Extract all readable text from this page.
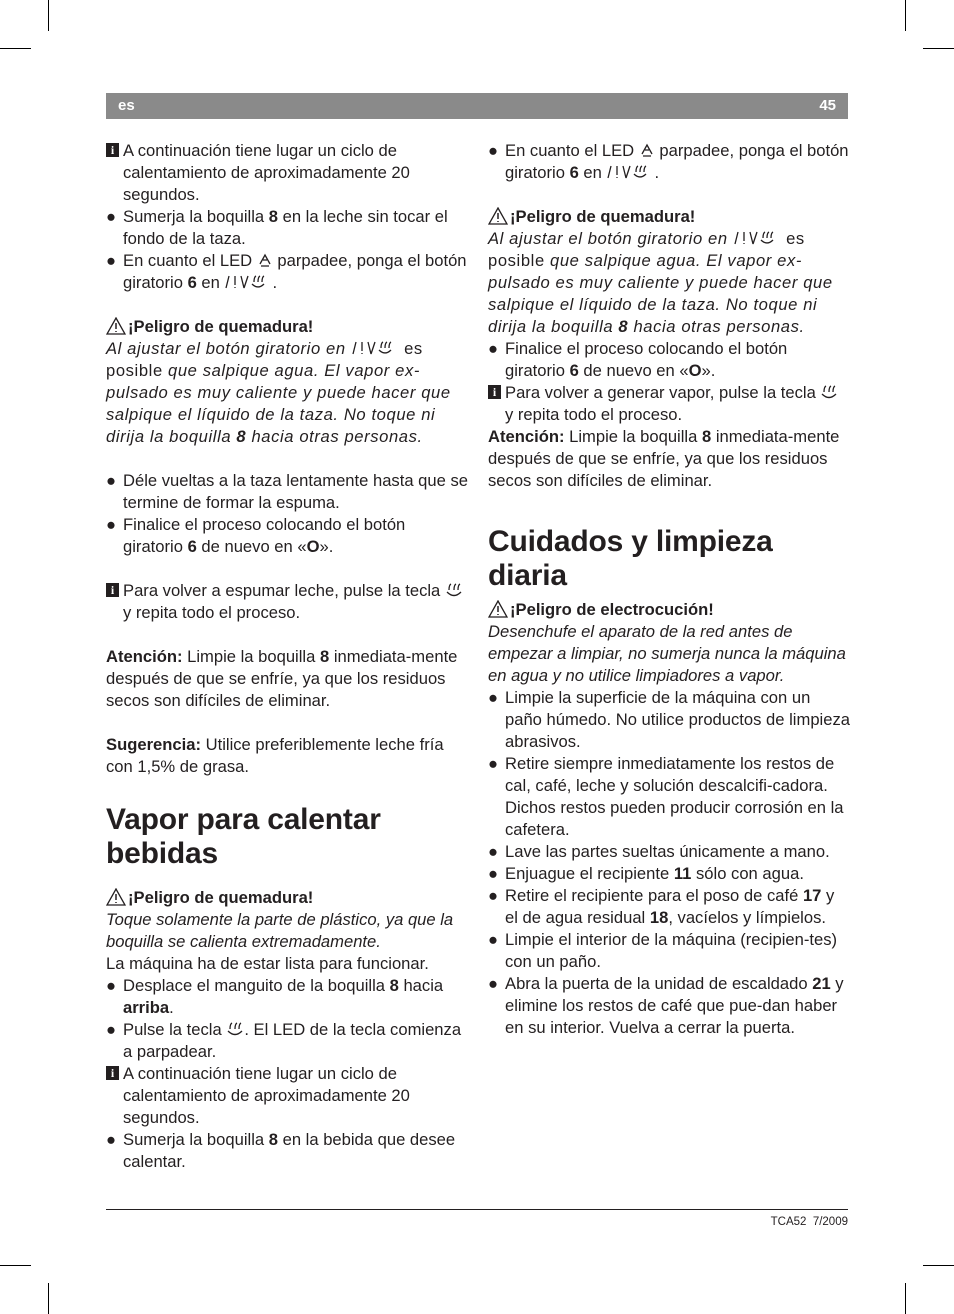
es	45

i A continuación tiene lugar un ciclo de calentamiento de aproximadamente 20 segundos.

● Sumerja la boquilla 8 en la leche sin tocar el fondo de la taza.

● En cuanto el LED  parpadee, ponga el botón giratorio 6 en	.

¡Peligro de quemadura!

Al ajustar el botón giratorio en	es posible que salpique agua. El vapor ex-pulsado es muy caliente y puede hacer que salpique el líquido de la taza. No toque ni dirija la boquilla 8 hacia otras personas.

● Déle vueltas a la taza lentamente hasta que se termine de formar la espuma.

● Finalice el proceso colocando el botón giratorio 6 de nuevo en «O».

i Para volver a espumar leche, pulse la tecla  y repita todo el proceso.

Atención: Limpie la boquilla 8 inmediata-mente después de que se enfríe, ya que los residuos secos son difíciles de eliminar.

Sugerencia: Utilice preferiblemente leche fría con 1,5% de grasa.

Vapor para calentar bebidas

¡Peligro de quemadura!

Toque solamente la parte de plástico, ya que la boquilla se calienta extremadamente.

La máquina ha de estar lista para funcionar.

● Desplace el manguito de la boquilla 8 hacia arriba.

● Pulse la tecla . El LED de la tecla comienza a parpadear.

i A continuación tiene lugar un ciclo de calentamiento de aproximadamente 20 segundos.

● Sumerja la boquilla 8 en la bebida que desee calentar.

● En cuanto el LED  parpadee, ponga el botón giratorio 6 en	.

¡Peligro de quemadura!

Al ajustar el botón giratorio en	es posible que salpique agua. El vapor ex-pulsado es muy caliente y puede hacer que salpique el líquido de la taza. No toque ni dirija la boquilla 8 hacia otras personas.

● Finalice el proceso colocando el botón giratorio 6 de nuevo en «O».

i Para volver a generar vapor, pulse la tecla  y repita todo el proceso.

Atención: Limpie la boquilla 8 inmediata-mente después de que se enfríe, ya que los residuos secos son difíciles de eliminar.

Cuidados y limpieza diaria

¡Peligro de electrocución!

Desenchufe el aparato de la red antes de empezar a limpiar, no sumerja nunca la máquina en agua y no utilice limpiadores a vapor.

● Limpie la superficie de la máquina con un paño húmedo. No utilice productos de limpieza abrasivos.

● Retire siempre inmediatamente los restos de cal, café, leche y solución descalcifi-cadora. Dichos restos pueden producir corrosión en la cafetera.

● Lave las partes sueltas únicamente a mano.

● Enjuague el recipiente 11 sólo con agua.

● Retire el recipiente para el poso de café 17 y el de agua residual 18, vacíelos y límpielos.

● Limpie el interior de la máquina (recipien-tes) con un paño.

● Abra la puerta de la unidad de escaldado 21 y elimine los restos de café que pue-dan haber en su interior. Vuelva a cerrar la puerta.

TCA52 7/2009
